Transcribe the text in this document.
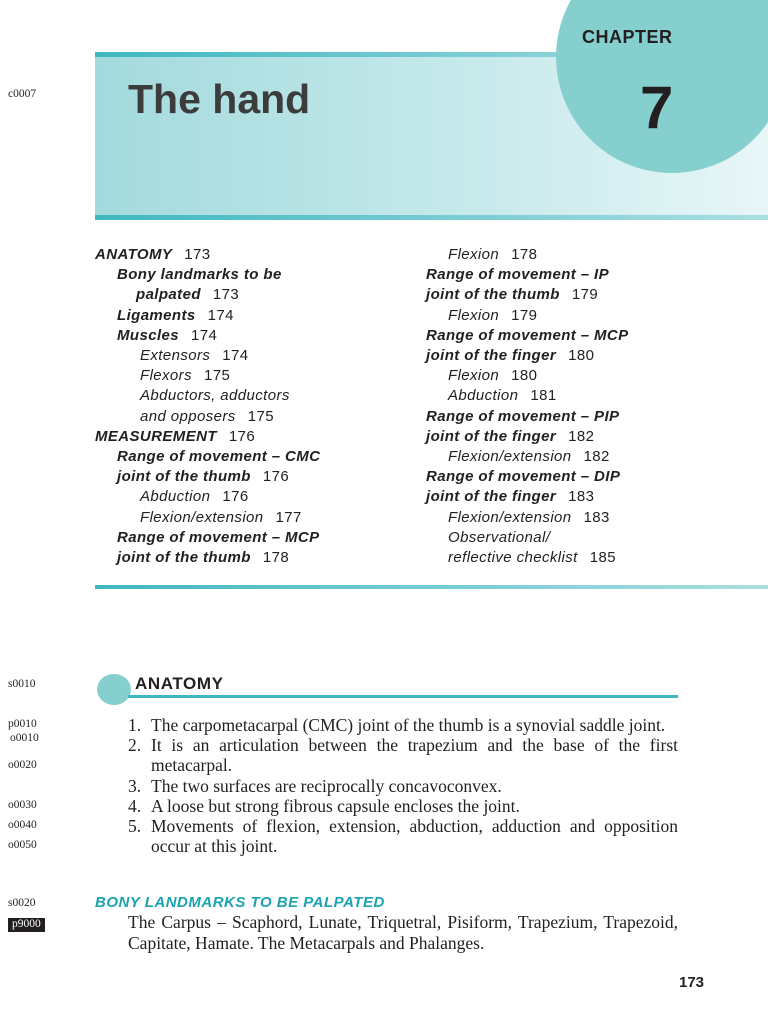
CHAPTER
7
The hand
c0007
s0010
p0010
o0010
o0020
o0030
o0040
o0050
s0020
p9000
ANATOMY 173
Bony landmarks to be
palpated 173
Ligaments 174
Muscles 174
Extensors 174
Flexors 175
Abductors, adductors
and opposers 175
MEASUREMENT 176
Range of movement – CMC
joint of the thumb 176
Abduction 176
Flexion/extension 177
Range of movement – MCP
joint of the thumb 178
Flexion 178
Range of movement – IP
joint of the thumb 179
Flexion 179
Range of movement – MCP
joint of the finger 180
Flexion 180
Abduction 181
Range of movement – PIP
joint of the finger 182
Flexion/extension 182
Range of movement – DIP
joint of the finger 183
Flexion/extension 183
Observational/
reflective checklist 185
ANATOMY
1. The carpometacarpal (CMC) joint of the thumb is a synovial saddle joint.
2. It is an articulation between the trapezium and the base of the first metacarpal.
3. The two surfaces are reciprocally concavoconvex.
4. A loose but strong fibrous capsule encloses the joint.
5. Movements of flexion, extension, abduction, adduction and opposition occur at this joint.
BONY LANDMARKS TO BE PALPATED
The Carpus – Scaphord, Lunate, Triquetral, Pisiform, Trapezium, Trapezoid, Capitate, Hamate. The Metacarpals and Phalanges.
173
